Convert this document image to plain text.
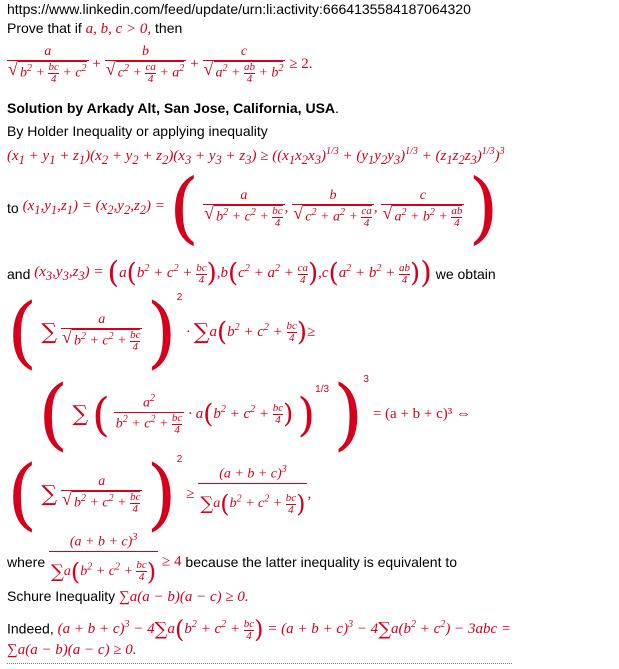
https://www.linkedin.com/feed/update/urn:li:activity:6664135584187064320
Prove that if a, b, c > 0, then
a
√ $b^2 + \frac{bc}{4} + c^2 + b$
√ $c^2 + \frac{ca}{4} + a^2 + c$
√ $a^2 + \frac{ab}{4} + b^2 \ge 2$.
Solution by Arkady Alt, San Jose, California, USA.
By Holder Inequality or applying inequality
$(x_1 + y_1 + z_1)(x_2 + y_2 + z_2)(x_3 + y_3 + z_3) \ge ((x_1x_2x_3)^{1/3} + (y_1y_2y_3)^{1/3} + (z_1z_2z_3)^{1/3})^3$
to $(x_1,y_1,z_1) = (x_2,y_2,z_2)$ = ( a
√ $b^2 + c^2 + \frac{bc}{4}$ , b
√ $c^2 + a^2 + \frac{ca}{4}$ , c
√ $a^2 + b^2 + \frac{ab}{4}$ )
and $(x_3,y_3,z_3) = (a(b^2 + c^2 + \frac{bc}{4} ),b(c^2 + a^2 + \frac{ca}{4} ),c(a^2 + b^2 + \frac{ab}{4}$ )) we obtain
( ∑ a
√ $b^2 + c^2 + \frac{bc}{4} )^2 \cdot \sum a(b^2 + c^2 + \frac{bc}{4}$ )≥
( ∑ ( $\frac{a^2}{b^2 + c^2 + \frac{bc}{4}} \cdot a(b^2 + c^2 + \frac{bc}{4}$ ) )$^{1/3}$ )$^3$ = (a + b + c)³ ⇔
( ∑ a
√ $b^2 + c^2 + \frac{bc}{4} )^2 \ge \frac{(a + b + c)^3}{\sum a(b^2 + c^2 + \frac{bc}{4} )}$ ,
where $\frac{(a + b + c)^3}{\sum a(b^2 + c^2 + \frac{bc}{4} )} \ge 4$ because the latter inequality is equivalent to
Schure Inequality ∑a(a − b)(a − c) ≥ 0.
Indeed, $(a + b + c)^3 - 4\sum a(b^2 + c^2 + \frac{bc}{4}$ ) = $(a + b + c)^3 - 4\sum a(b^2 + c^2) - 3abc$ =
∑a(a − b)(a − c) ≥ 0.
